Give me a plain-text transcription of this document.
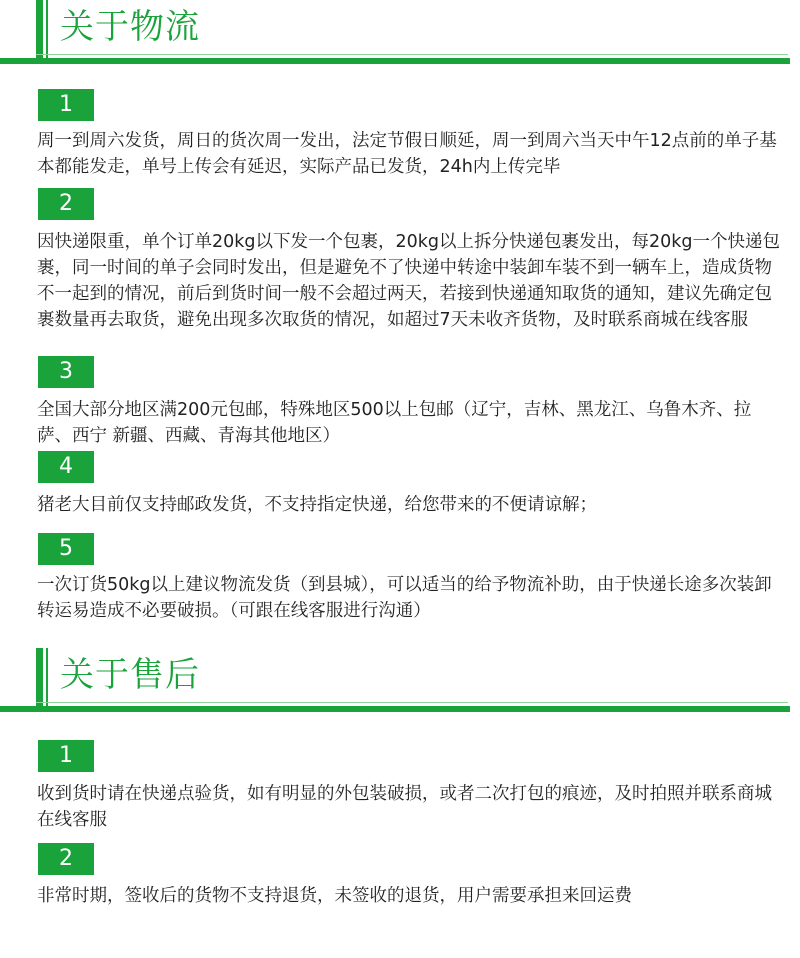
关于物流
1

周一到周六发货，周日的货次周一发出，法定节假日顺延，周一到周六当天中午12点前的单子基本都能发走，单号上传会有延迟，实际产品已发货，24h内上传完毕

2

因快递限重，单个订单20kg以下发一个包裹，20kg以上拆分快递包裹发出，每20kg一个快递包裹，同一时间的单子会同时发出，但是避免不了快递中转途中装卸车装不到一辆车上，造成货物不一起到的情况，前后到货时间一般不会超过两天，若接到快递通知取货的通知，建议先确定包裹数量再去取货，避免出现多次取货的情况，如超过7天未收齐货物，及时联系商城在线客服

3

全国大部分地区满200元包邮，特殊地区500以上包邮（辽宁，吉林、黑龙江、乌鲁木齐、拉萨、西宁 新疆、西藏、青海其他地区）

4

猪老大目前仅支持邮政发货，不支持指定快递，给您带来的不便请谅解；

5

一次订货50kg以上建议物流发货（到县城），可以适当的给予物流补助，由于快递长途多次装卸转运易造成不必要破损。（可跟在线客服进行沟通）

关于售后
1

收到货时请在快递点验货，如有明显的外包装破损，或者二次打包的痕迹，及时拍照并联系商城在线客服

2

非常时期，签收后的货物不支持退货，未签收的退货，用户需要承担来回运费
